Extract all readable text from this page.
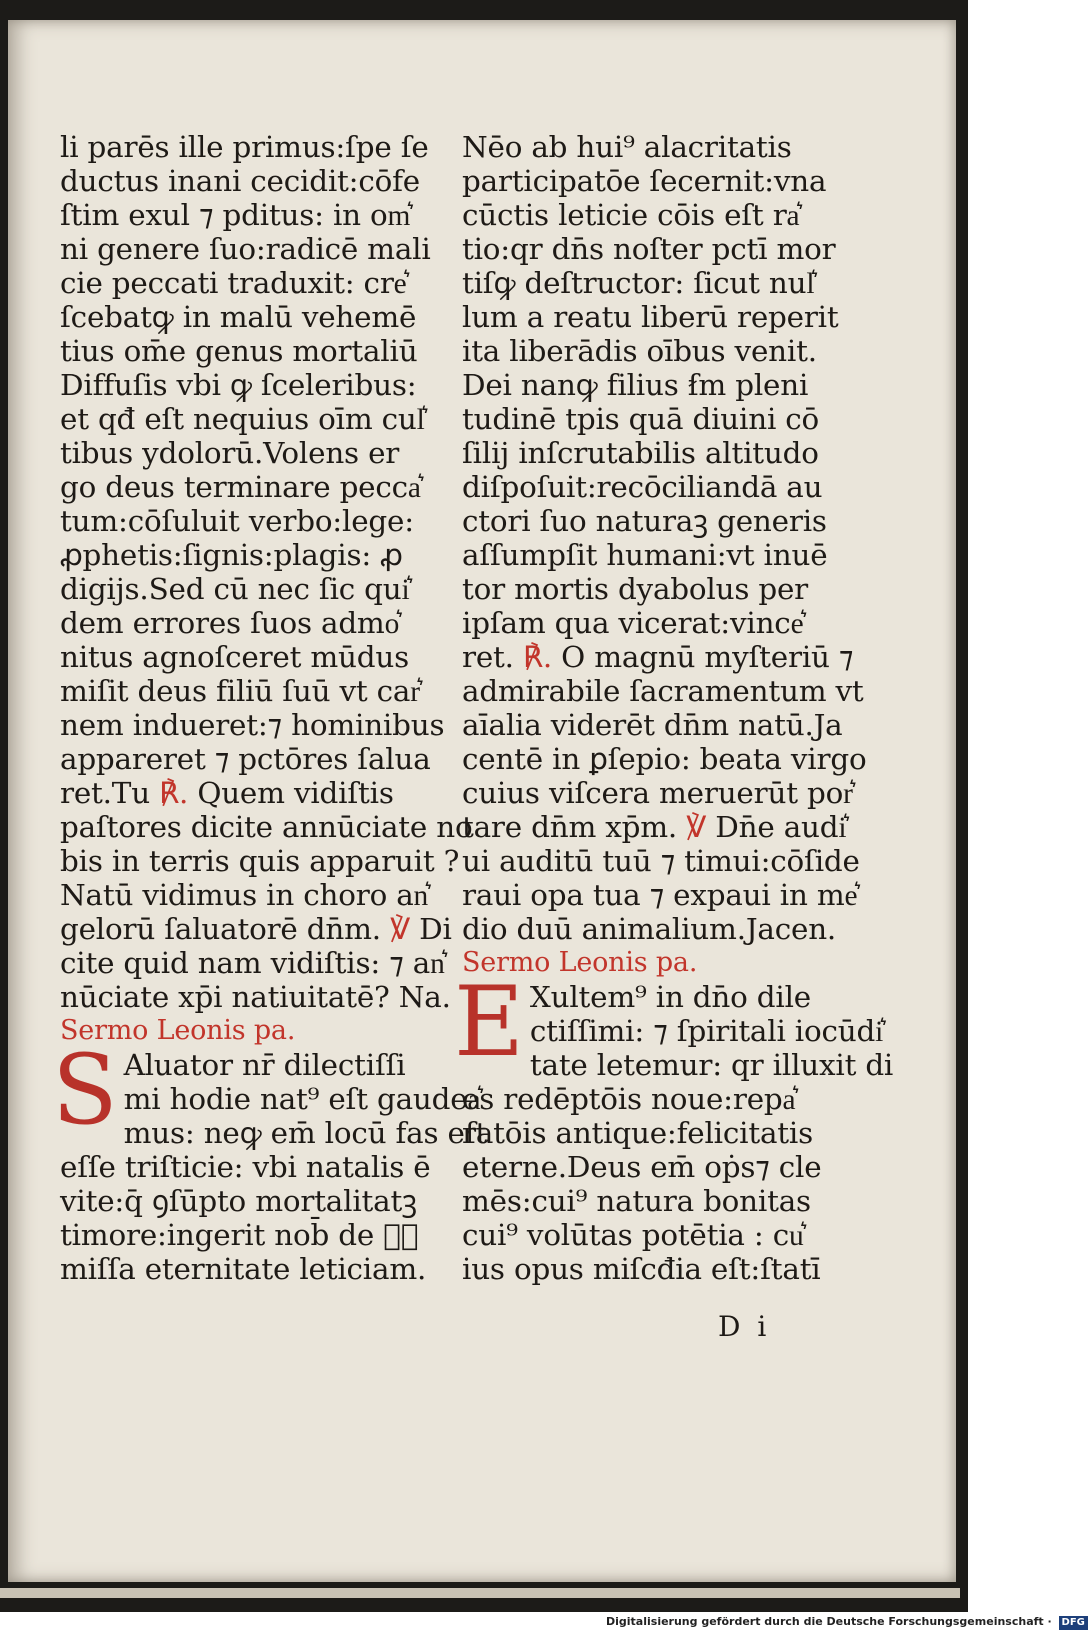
li parēs ille primus:ſpe ſe
ductus inani cecidit:cōfe
ſtim exul ⁊ pditus: in om͛
ni genere ſuo:radicē mali
cie peccati traduxit: cre͛
ſcebatꝙ in malū vehemē
tius om̄e genus mortaliū
Diffuſis vbi ꝙ ſceleribus:
et qđ eſt nequius oīm cul͛
tibus ydolorū.Volens er
go deus terminare pecca͛
tum:cōſuluit verbo:lege:
ꝓphetis:ſignis:plagis: ꝓ
digijs.Sed cū nec ſic qui͛
dem errores ſuos admo͛
nitus agnoſceret mūdus
miſit deus filiū ſuū vt car͛
nem indueret:⁊ hominibus
appareret ⁊ pctōres ſalua
ret.Tu ℟. Quem vidiſtis
paſtores dicite annūciate no
bis in terris quis apparuit ?
Natū vidimus in choro an͛
gelorū ſaluatorē dn̄m. ℣ Di
cite quid nam vidiſtis: ⁊ an͛
nūciate xp̄i natiuitatē? Na.
Sermo Leonis pa.
S Aluator nr̄ dilectiſſi
mi hodie nat⁹ eſt gaudea͛
mus: neꝙ em̄ locū fas eſt
eſſe triſticie: vbi natalis ē
vite:q̄ ꝯſūpto mortalitatꝫ
timore:ingerit nob̄ de ꝓ͛
miſſa eternitate leticiam.
Nēo ab hui⁹ alacritatis
participatōe ſecernit:vna
cūctis leticie cōis eſt ra͛
tio:qr dn̄s noſter pctī mor
tiſꝙ deſtructor: ſicut nul͛
lum a reatu liberū reperit
ita liberādis oībus venit.
Dei nanꝙ filius ẜm pleni
tudinē tpis quā diuini cō
ſilij inſcrutabilis altitudo
diſpoſuit:recōciliandā au
ctori ſuo naturaꝫ generis
aſſumpſit humani:vt inuē
tor mortis dyabolus per
ipſam qua vicerat:vince͛
ret. ℟. O magnū myſteriū ⁊
admirabile ſacramentum vt
aīalia viderēt dn̄m natū.Ja
centē in ꝑſepio: beata virgo
cuius viſcera meruerūt por͛
tare dn̄m xp̄m. ℣ Dn̄e audi͛
ui auditū tuū ⁊ timui:cōſide
raui opa tua ⁊ expaui in me͛
dio duū animalium.Jacen.
Sermo Leonis pa.
E Xultem⁹ in dn̄o dile
ctiſſimi: ⁊ ſpiritali iocūdi͛
tate letemur: qr illuxit di
es redēptōis noue:repa͛
ratōis antique:felicitatis
eterne.Deus em̄ oṗs⁊ cle
mēs:cui⁹ natura bonitas
cui⁹ volūtas potētia : cu͛
ius opus miſcđia eſt:ſtatī
D i
Digitalisierung gefördert durch die Deutsche Forschungsgemeinschaft · DFG
